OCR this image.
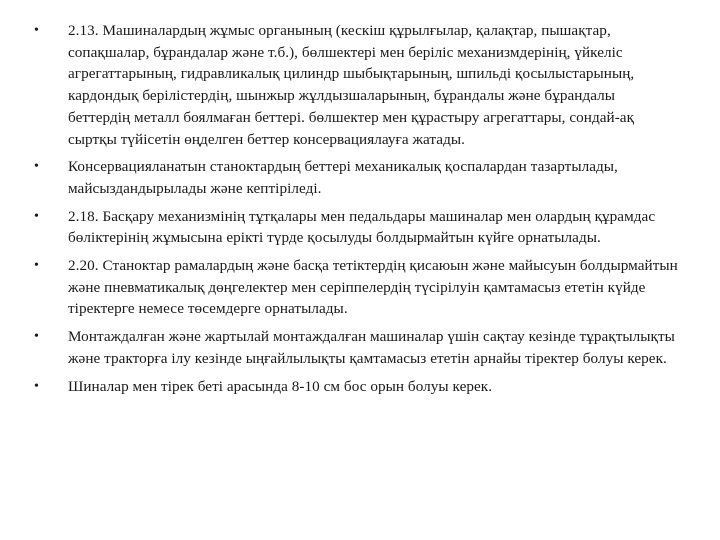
• 2.13. Машиналардың жұмыс органының (кескіш құрылғылар, қалақтар, пышақтар, сопақшалар, бұрандалар және т.б.), бөлшектері мен беріліс механизмдерінің, үйкеліс агрегаттарының, гидравликалық цилиндр шыбықтарының, шпильді қосылыстарының, кардондық берілістердің, шынжыр жұлдызшаларының, бұрандалы және бұрандалы беттердің металл боялмаған беттері. бөлшектер мен құрастыру агрегаттары, сондай-ақ сыртқы түйісетін өңделген беттер консервациялауға жатады.
• Консервацияланатын станоктардың беттері механикалық қоспалардан тазартылады, майсыздандырылады және кептіріледі.
• 2.18. Басқару механизмінің тұтқалары мен педальдары машиналар мен олардың құрамдас бөліктерінің жұмысына ерікті түрде қосылуды болдырмайтын күйге орнатылады.
• 2.20. Станоктар рамалардың және басқа тетіктердің қисаюын және майысуын болдырмайтын және пневматикалық дөңгелектер мен серіппелердің түсірілуін қамтамасыз ететін күйде тіректерге немесе төсемдерге орнатылады.
• Монтаждалған және жартылай монтаждалған машиналар үшін сақтау кезінде тұрақтылықты және тракторға ілу кезінде ыңғайлылықты қамтамасыз ететін арнайы тіректер болуы керек.
• Шиналар мен тірек беті арасында 8-10 см бос орын болуы керек.
